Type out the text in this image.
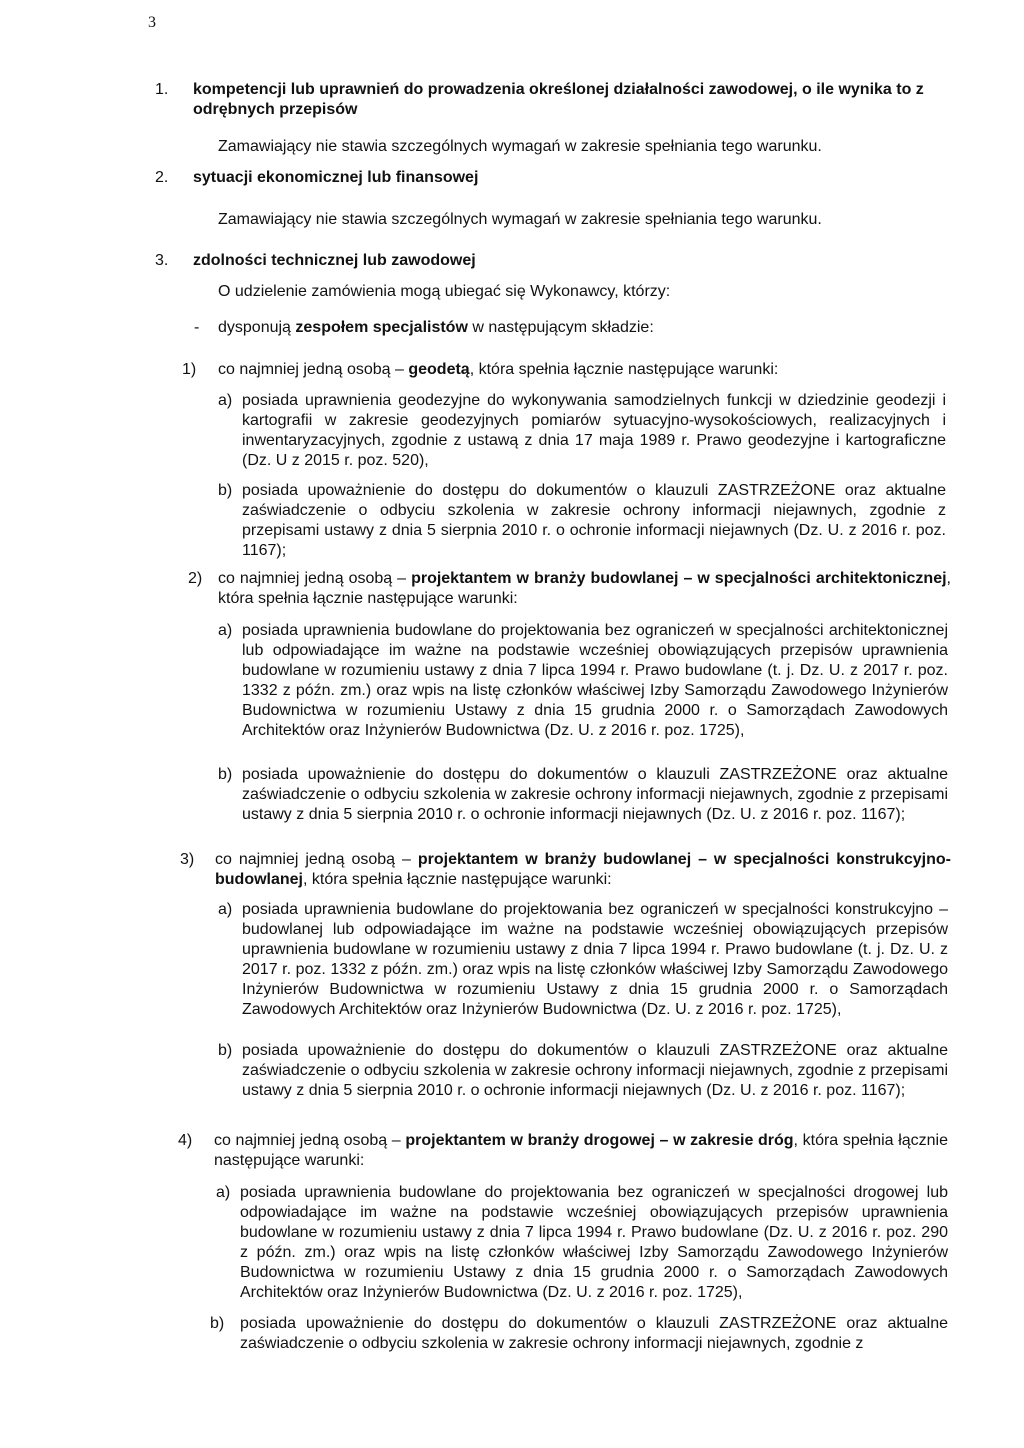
3
1.	kompetencji lub uprawnień do prowadzenia określonej działalności zawodowej, o ile wynika to z odrębnych przepisów
Zamawiający nie stawia szczególnych wymagań w zakresie spełniania tego warunku.
2.	sytuacji ekonomicznej lub finansowej
Zamawiający nie stawia szczególnych wymagań w zakresie spełniania tego warunku.
3.	zdolności technicznej lub zawodowej
O udzielenie zamówienia mogą ubiegać się Wykonawcy, którzy:
- dysponują zespołem specjalistów w następującym składzie:
1) co najmniej jedną osobą – geodetą, która spełnia łącznie następujące warunki:
a) posiada uprawnienia geodezyjne do wykonywania samodzielnych funkcji w dziedzinie geodezji i kartografii w zakresie geodezyjnych pomiarów sytuacyjno-wysokościowych, realizacyjnych i inwentaryzacyjnych, zgodnie z ustawą z dnia 17 maja 1989 r. Prawo geodezyjne i kartograficzne (Dz. U z 2015 r. poz. 520),
b) posiada upoważnienie do dostępu do dokumentów o klauzuli ZASTRZEŻONE oraz aktualne zaświadczenie o odbyciu szkolenia w zakresie ochrony informacji niejawnych, zgodnie z przepisami ustawy z dnia 5 sierpnia 2010 r. o ochronie informacji niejawnych (Dz. U. z 2016 r. poz. 1167);
2) co najmniej jedną osobą – projektantem w branży budowlanej – w specjalności architektonicznej, która spełnia łącznie następujące warunki:
a) posiada uprawnienia budowlane do projektowania bez ograniczeń w specjalności architektonicznej lub odpowiadające im ważne na podstawie wcześniej obowiązujących przepisów uprawnienia budowlane w rozumieniu ustawy z dnia 7 lipca 1994 r. Prawo budowlane (t. j. Dz. U. z 2017 r. poz. 1332 z późn. zm.) oraz wpis na listę członków właściwej Izby Samorządu Zawodowego Inżynierów Budownictwa w rozumieniu Ustawy z dnia 15 grudnia 2000 r. o Samorządach Zawodowych Architektów oraz Inżynierów Budownictwa (Dz. U. z 2016 r. poz. 1725),
b) posiada upoważnienie do dostępu do dokumentów o klauzuli ZASTRZEŻONE oraz aktualne zaświadczenie o odbyciu szkolenia w zakresie ochrony informacji niejawnych, zgodnie z przepisami ustawy z dnia 5 sierpnia 2010 r. o ochronie informacji niejawnych (Dz. U. z 2016 r. poz. 1167);
3) co najmniej jedną osobą – projektantem w branży budowlanej – w specjalności konstrukcyjno-budowlanej, która spełnia łącznie następujące warunki:
a) posiada uprawnienia budowlane do projektowania bez ograniczeń w specjalności konstrukcyjno – budowlanej lub odpowiadające im ważne na podstawie wcześniej obowiązujących przepisów uprawnienia budowlane w rozumieniu ustawy z dnia 7 lipca 1994 r. Prawo budowlane (t. j. Dz. U. z 2017 r. poz. 1332 z późn. zm.) oraz wpis na listę członków właściwej Izby Samorządu Zawodowego Inżynierów Budownictwa w rozumieniu Ustawy z dnia 15 grudnia 2000 r. o Samorządach Zawodowych Architektów oraz Inżynierów Budownictwa (Dz. U. z 2016 r. poz. 1725),
b) posiada upoważnienie do dostępu do dokumentów o klauzuli ZASTRZEŻONE oraz aktualne zaświadczenie o odbyciu szkolenia w zakresie ochrony informacji niejawnych, zgodnie z przepisami ustawy z dnia 5 sierpnia 2010 r. o ochronie informacji niejawnych (Dz. U. z 2016 r. poz. 1167);
4) co najmniej jedną osobą – projektantem w branży drogowej – w zakresie dróg, która spełnia łącznie następujące warunki:
a) posiada uprawnienia budowlane do projektowania bez ograniczeń w specjalności drogowej lub odpowiadające im ważne na podstawie wcześniej obowiązujących przepisów uprawnienia budowlane w rozumieniu ustawy z dnia 7 lipca 1994 r. Prawo budowlane (Dz. U. z 2016 r. poz. 290 z późn. zm.) oraz wpis na listę członków właściwej Izby Samorządu Zawodowego Inżynierów Budownictwa w rozumieniu Ustawy z dnia 15 grudnia 2000 r. o Samorządach Zawodowych Architektów oraz Inżynierów Budownictwa (Dz. U. z 2016 r. poz. 1725),
b) posiada upoważnienie do dostępu do dokumentów o klauzuli ZASTRZEŻONE oraz aktualne zaświadczenie o odbyciu szkolenia w zakresie ochrony informacji niejawnych, zgodnie z
